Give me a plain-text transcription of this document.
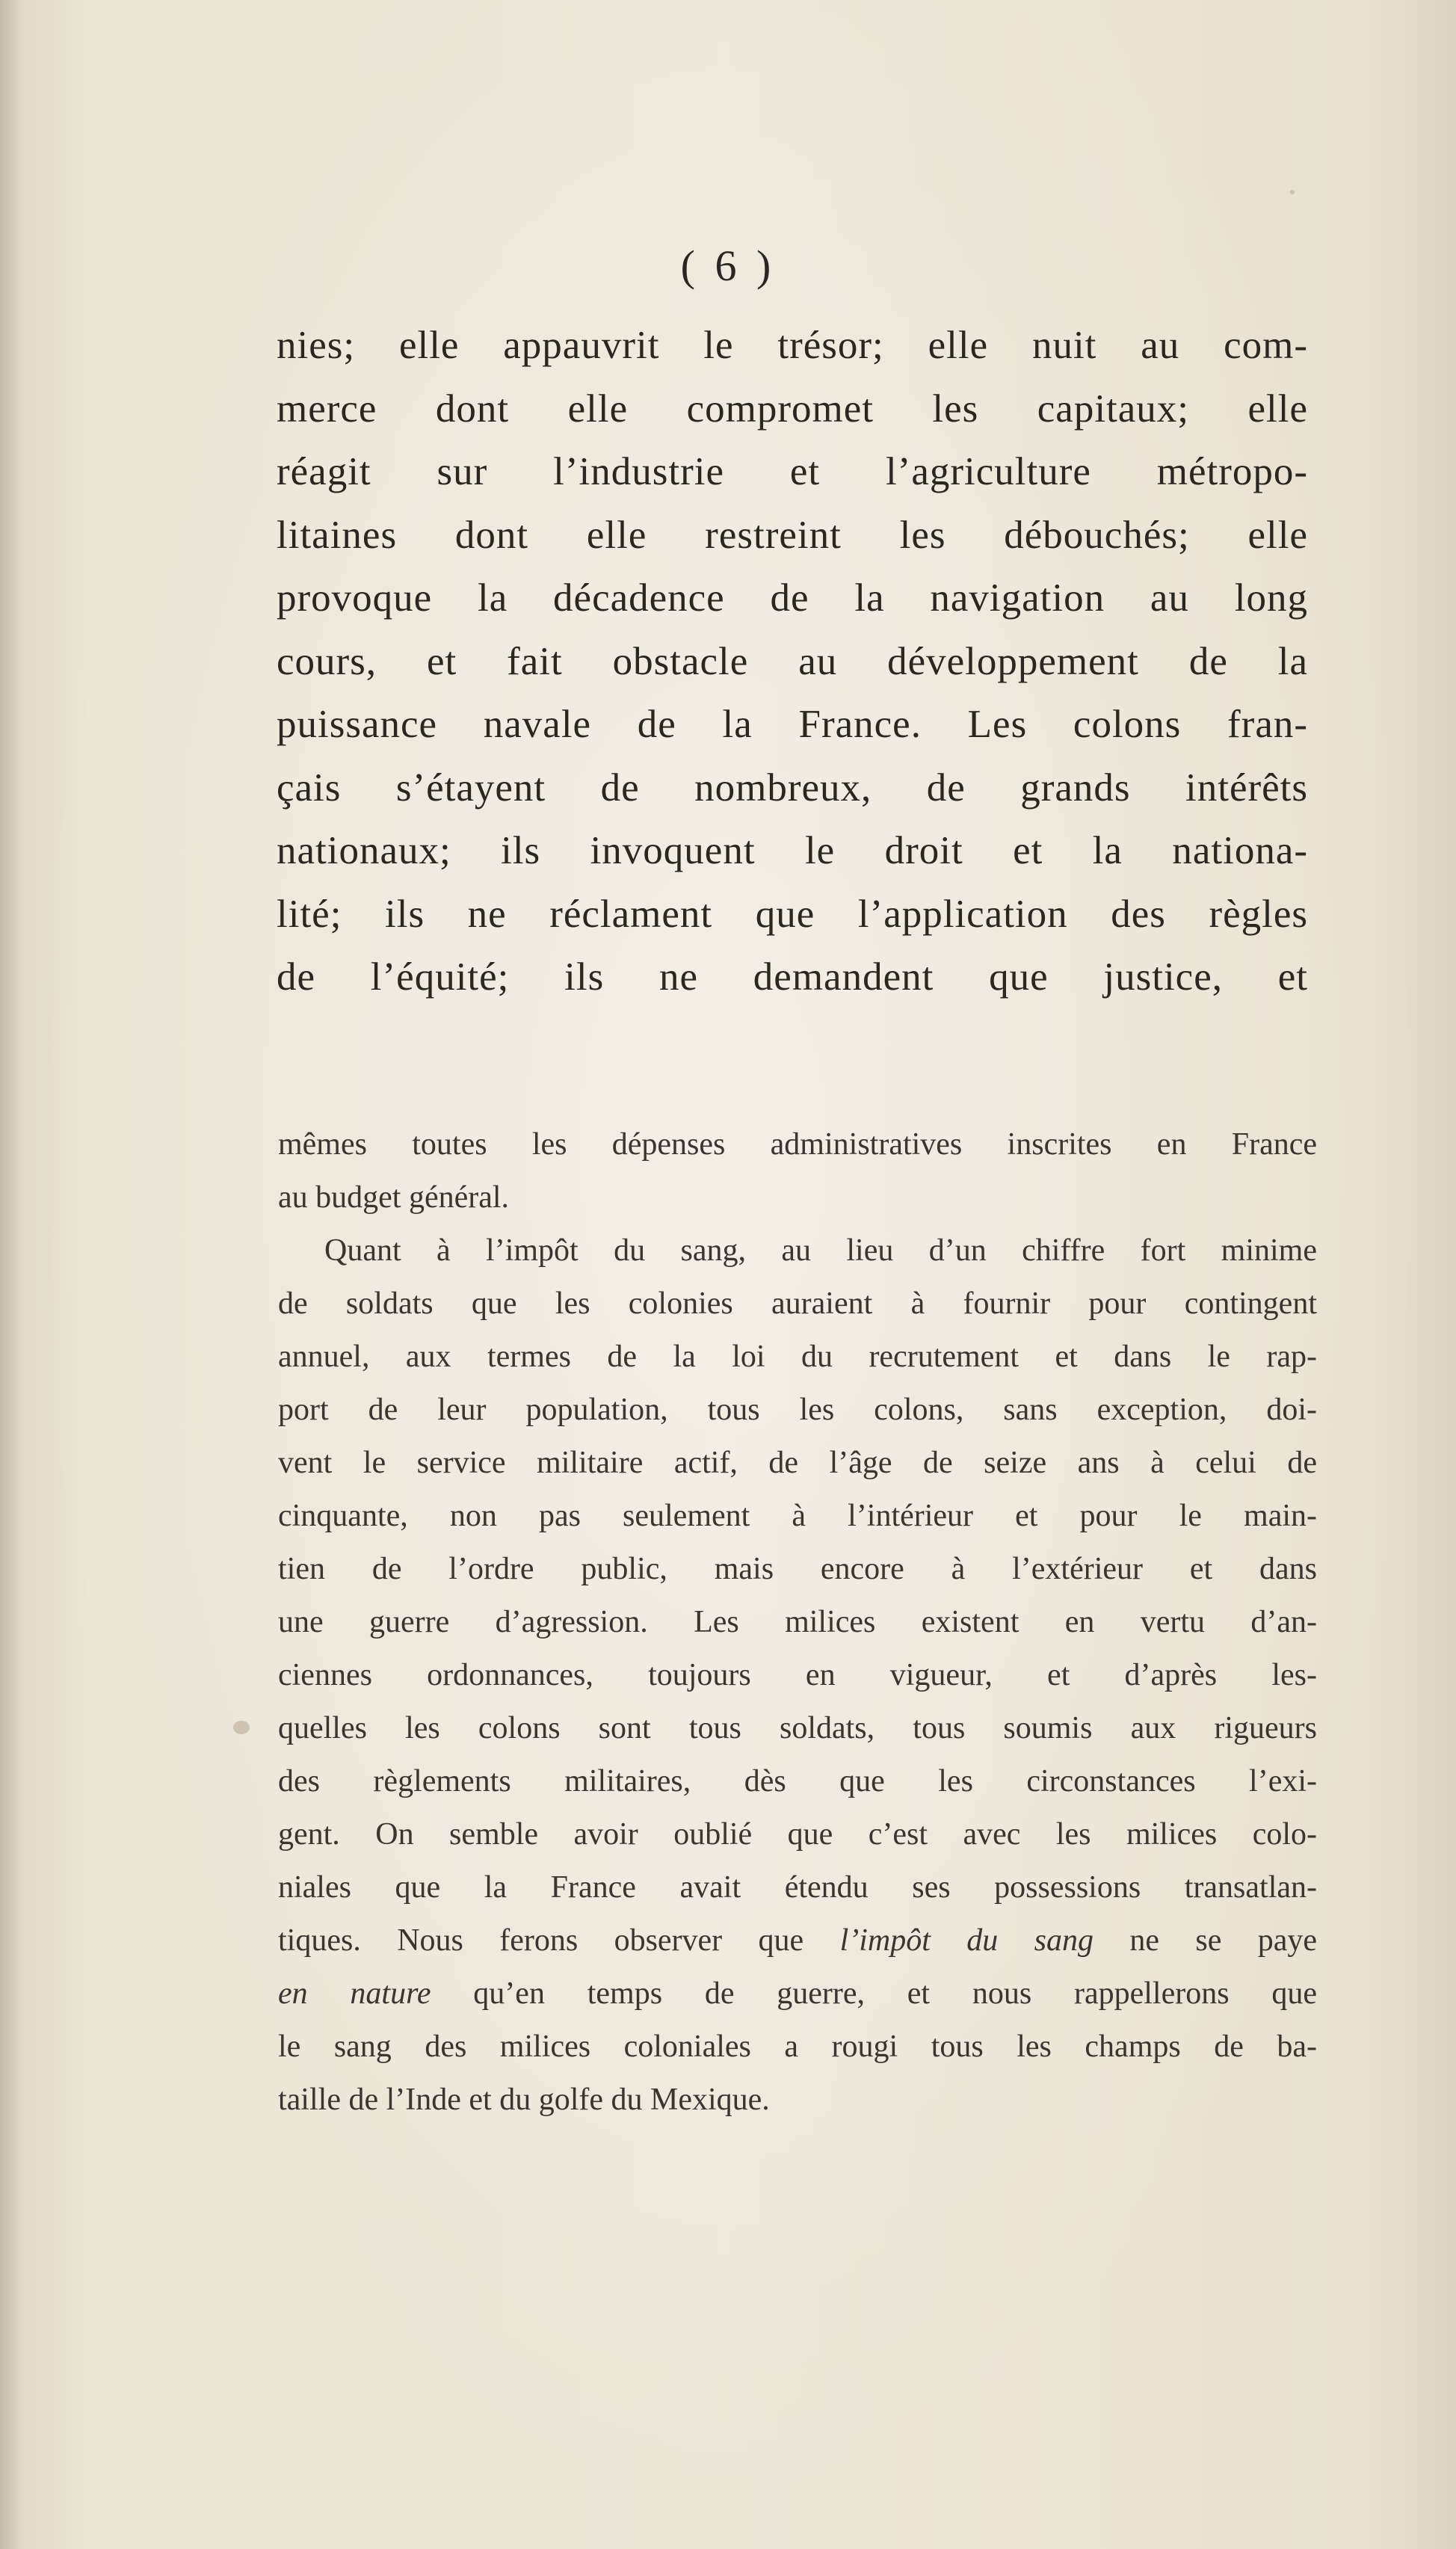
( 6 )
nies; elle appauvrit le trésor; elle nuit au com-
merce dont elle compromet les capitaux; elle
réagit sur l’industrie et l’agriculture métropo-
litaines dont elle restreint les débouchés; elle
provoque la décadence de la navigation au long
cours, et fait obstacle au développement de la
puissance navale de la France. Les colons fran-
çais s’étayent de nombreux, de grands intérêts
nationaux; ils invoquent le droit et la nationa-
lité; ils ne réclament que l’application des règles
de l’équité; ils ne demandent que justice, et
mêmes toutes les dépenses administratives inscrites en France
au budget général.
Quant à l’impôt du sang, au lieu d’un chiffre fort minime
de soldats que les colonies auraient à fournir pour contingent
annuel, aux termes de la loi du recrutement et dans le rap-
port de leur population, tous les colons, sans exception, doi-
vent le service militaire actif, de l’âge de seize ans à celui de
cinquante, non pas seulement à l’intérieur et pour le main-
tien de l’ordre public, mais encore à l’extérieur et dans
une guerre d’agression. Les milices existent en vertu d’an-
ciennes ordonnances, toujours en vigueur, et d’après les-
quelles les colons sont tous soldats, tous soumis aux rigueurs
des règlements militaires, dès que les circonstances l’exi-
gent. On semble avoir oublié que c’est avec les milices colo-
niales que la France avait étendu ses possessions transatlan-
tiques. Nous ferons observer que l’impôt du sang ne se paye
en nature qu’en temps de guerre, et nous rappellerons que
le sang des milices coloniales a rougi tous les champs de ba-
taille de l’Inde et du golfe du Mexique.
